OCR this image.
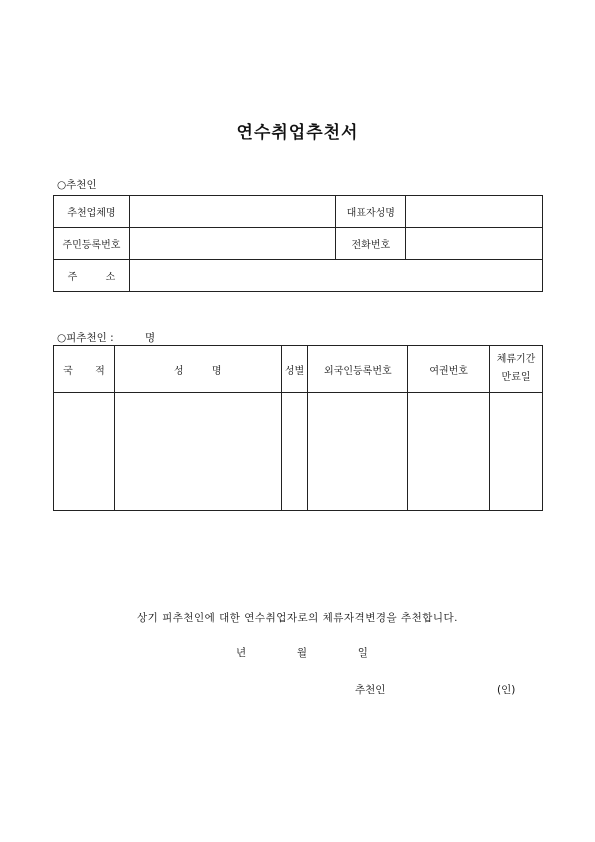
연수취업추천서
○추천인
추천업체명		대표자성명	
주민등록번호		전화번호	
주 소			
○피추천인 :	명
국 적	성 명	성별	외국인등록번호	여권번호	체류기간
만료일

상기 피추천인에 대한 연수취업자로의 체류자격변경을 추천합니다.
년	월	일
추천인	(인)
